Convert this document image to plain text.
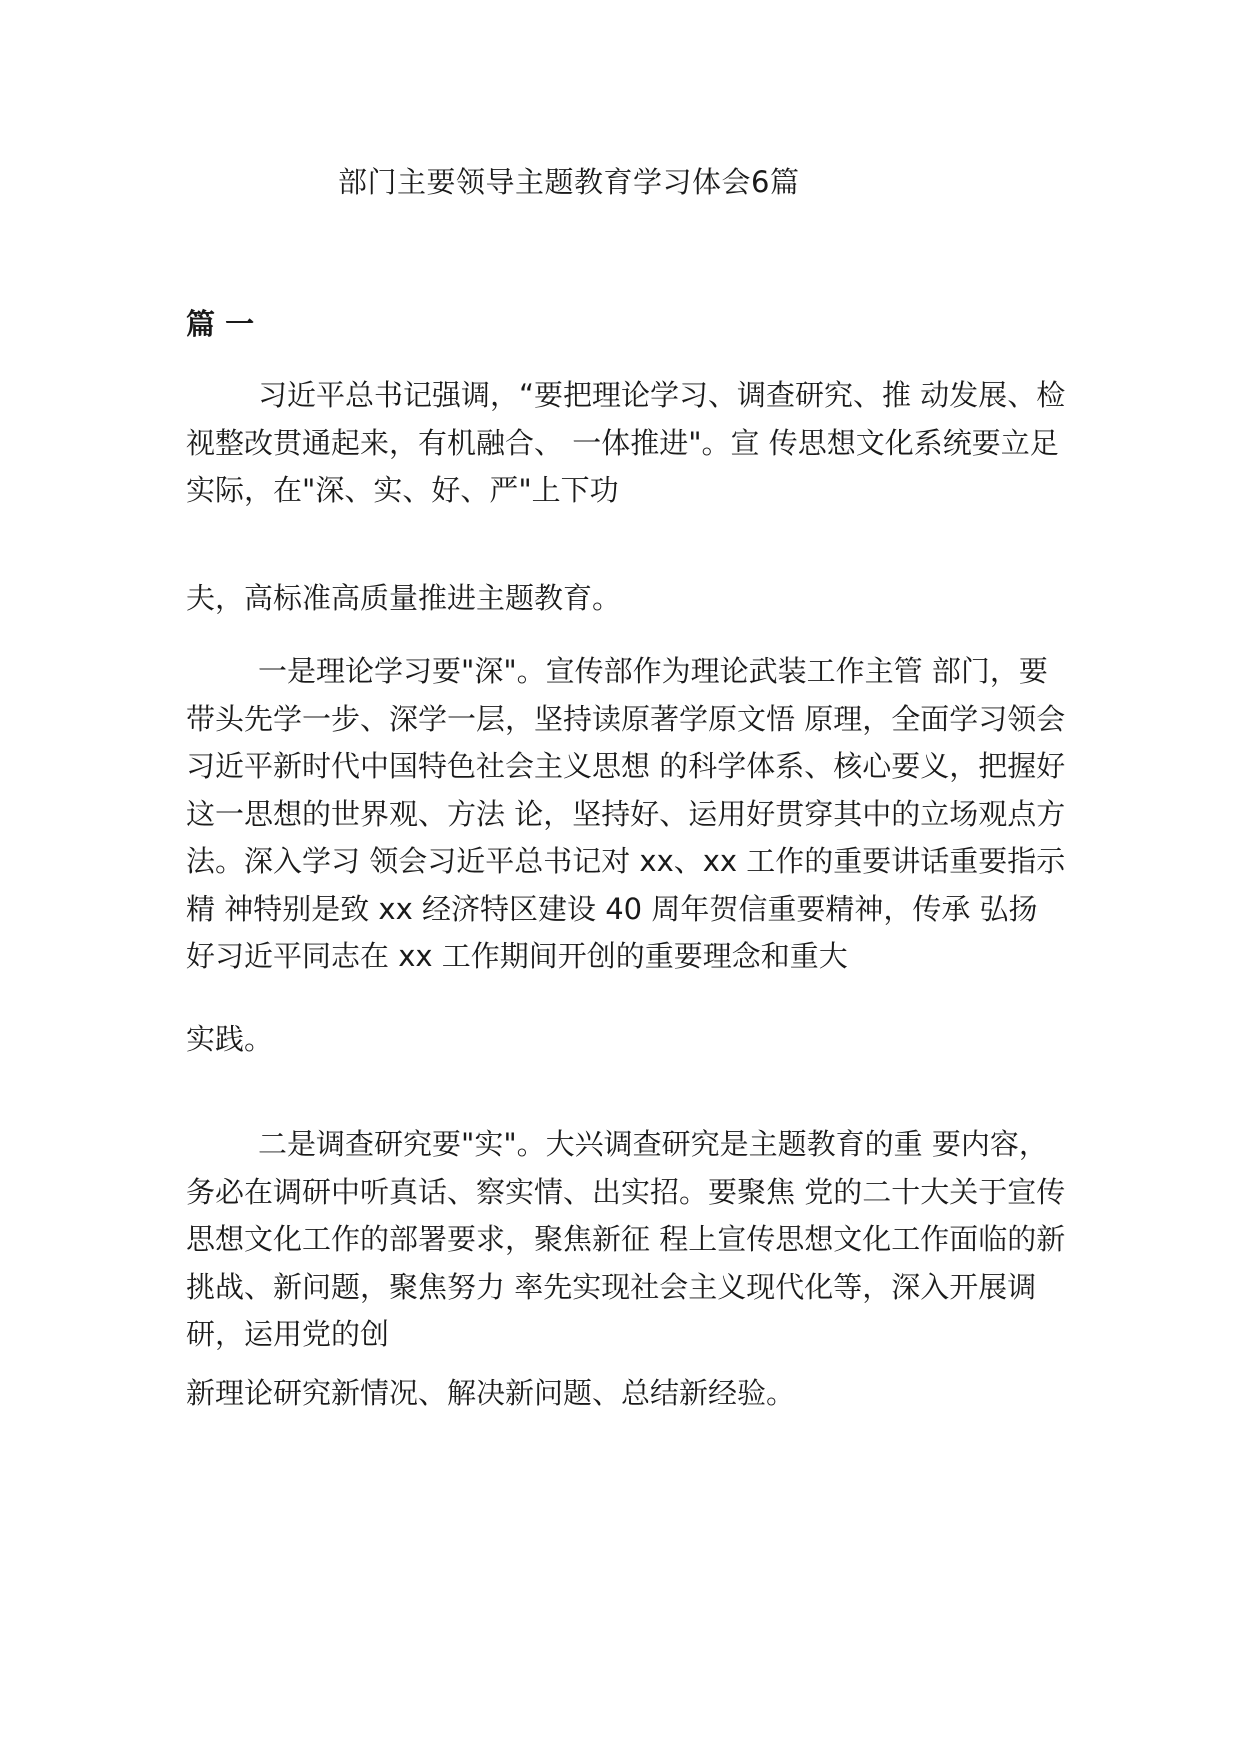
部门主要领导主题教育学习体会6篇
篇 一
习近平总书记强调，“要把理论学习、调查研究、推 动发展、检
视整改贯通起来，有机融合、 一体推进"。宣 传思想文化系统要立足
实际，在"深、实、好、严"上下功
夫，高标准高质量推进主题教育。
一是理论学习要"深"。宣传部作为理论武装工作主管 部门，要
带头先学一步、深学一层，坚持读原著学原文悟 原理，全面学习领会
习近平新时代中国特色社会主义思想 的科学体系、核心要义，把握好
这一思想的世界观、方法 论，坚持好、运用好贯穿其中的立场观点方
法。深入学习 领会习近平总书记对 xx、xx 工作的重要讲话重要指示
精 神特别是致 xx 经济特区建设 40 周年贺信重要精神，传承 弘扬
好习近平同志在 xx 工作期间开创的重要理念和重大
实践。
二是调查研究要"实"。大兴调查研究是主题教育的重 要内容，
务必在调研中听真话、察实情、出实招。要聚焦 党的二十大关于宣传
思想文化工作的部署要求，聚焦新征 程上宣传思想文化工作面临的新
挑战、新问题，聚焦努力 率先实现社会主义现代化等，深入开展调
研，运用党的创
新理论研究新情况、解决新问题、总结新经验。
